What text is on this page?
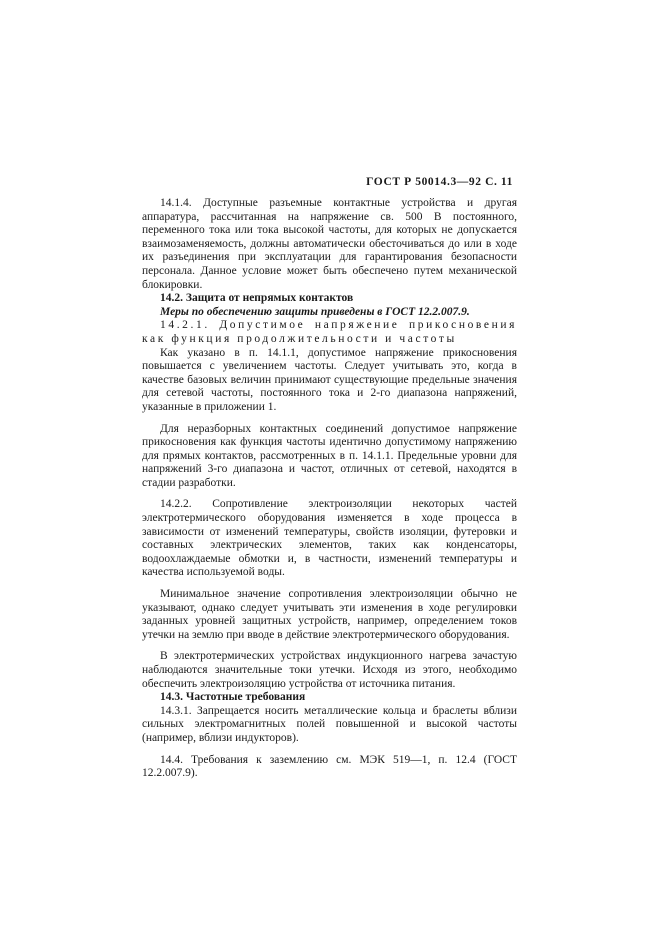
ГОСТ Р 50014.3—92 С. 11

14.1.4. Доступные разъемные контактные устройства и другая аппаратура, рассчитанная на напряжение св. 500 В постоянного, переменного тока или тока высокой частоты, для которых не допускается взаимозаменяемость, должны автоматически обесточиваться до или в ходе их разъединения при эксплуатации для гарантирования безопасности персонала. Данное условие может быть обеспечено путем механической блокировки.

14.2. Защита от непрямых контактов

Меры по обеспечению защиты приведены в ГОСТ 12.2.007.9.

14.2.1. Допустимое напряжение прикосновения как функция продолжительности и частоты

Как указано в п. 14.1.1, допустимое напряжение прикосновения повышается с увеличением частоты. Следует учитывать это, когда в качестве базовых величин принимают существующие предельные значения для сетевой частоты, постоянного тока и 2-го диапазона напряжений, указанные в приложении 1.

Для неразборных контактных соединений допустимое напряжение прикосновения как функция частоты идентично допустимому напряжению для прямых контактов, рассмотренных в п. 14.1.1. Предельные уровни для напряжений 3-го диапазона и частот, отличных от сетевой, находятся в стадии разработки.

14.2.2. Сопротивление электроизоляции некоторых частей электротермического оборудования изменяется в ходе процесса в зависимости от изменений температуры, свойств изоляции, футеровки и составных электрических элементов, таких как конденсаторы, водоохлаждаемые обмотки и, в частности, изменений температуры и качества используемой воды.

Минимальное значение сопротивления электроизоляции обычно не указывают, однако следует учитывать эти изменения в ходе регулировки заданных уровней защитных устройств, например, определением токов утечки на землю при вводе в действие электротермического оборудования.

В электротермических устройствах индукционного нагрева зачастую наблюдаются значительные токи утечки. Исходя из этого, необходимо обеспечить электроизоляцию устройства от источника питания.

14.3. Частотные требования

14.3.1. Запрещается носить металлические кольца и браслеты вблизи сильных электромагнитных полей повышенной и высокой частоты (например, вблизи индукторов).

14.4. Требования к заземлению см. МЭК 519—1, п. 12.4 (ГОСТ 12.2.007.9).
